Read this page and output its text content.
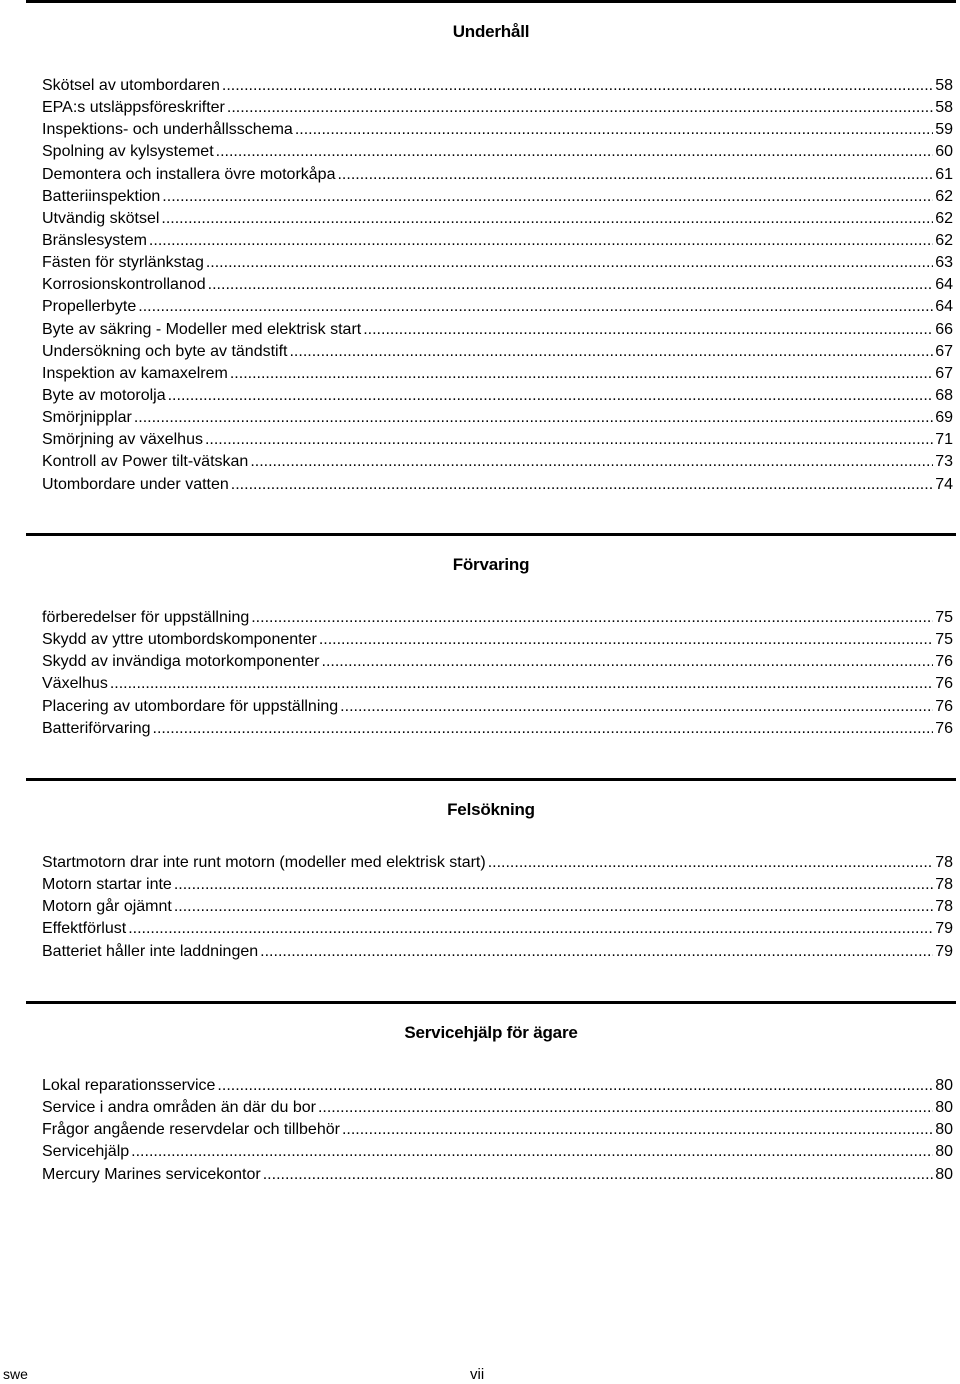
Underhåll
Skötsel av utombordaren .....	58
EPA:s utsläppsföreskrifter .....	58
Inspektions- och underhållsschema .....	59
Spolning av kylsystemet .....	60
Demontera och installera övre motorkåpa .....	61
Batteriinspektion .....	62
Utvändig skötsel .....	62
Bränslesystem .....	62
Fästen för styrlänkstag .....	63
Korrosionskontrollanod .....	64
Propellerbyte .....	64
Byte av säkring - Modeller med elektrisk start .....	66
Undersökning och byte av tändstift .....	67
Inspektion av kamaxelrem .....	67
Byte av motorolja .....	68
Smörjnipplar .....	69
Smörjning av växelhus .....	71
Kontroll av Power tilt-vätskan .....	73
Utombordare under vatten .....	74
Förvaring
förberedelser för uppställning .....	75
Skydd av yttre utombordskomponenter .....	75
Skydd av invändiga motorkomponenter .....	76
Växelhus .....	76
Placering av utombordare för uppställning .....	76
Batteriförvaring .....	76
Felsökning
Startmotorn drar inte runt motorn (modeller med elektrisk start) .....	78
Motorn startar inte .....	78
Motorn går ojämnt .....	78
Effektförlust .....	79
Batteriet håller inte laddningen .....	79
Servicehjälp för ägare
Lokal reparationsservice .....	80
Service i andra områden än där du bor .....	80
Frågor angående reservdelar och tillbehör .....	80
Servicehjälp .....	80
Mercury Marines servicekontor .....	80
swe	vii
